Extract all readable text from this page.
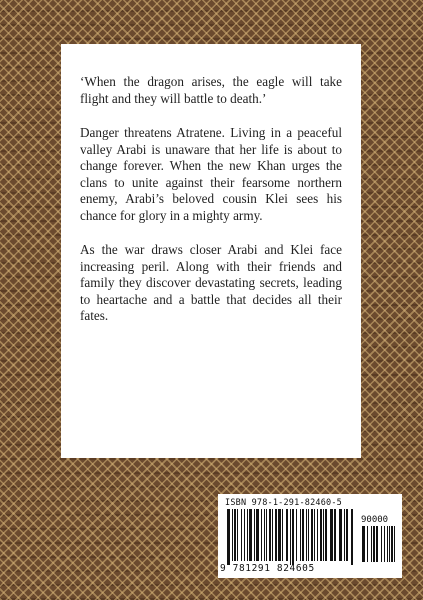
‘When the dragon arises, the eagle will take flight and they will battle to death.’

Danger threatens Atratene. Living in a peaceful valley Arabi is unaware that her life is about to change forever. When the new Khan urges the clans to unite against their fearsome northern enemy, Arabi’s beloved cousin Klei sees his chance for glory in a mighty army.

As the war draws closer Arabi and Klei face increasing peril. Along with their friends and family they discover devastating secrets, leading to heartache and a battle that decides all their fates.

ISBN 978-1-291-82460-5
90000
9 781291 824605
